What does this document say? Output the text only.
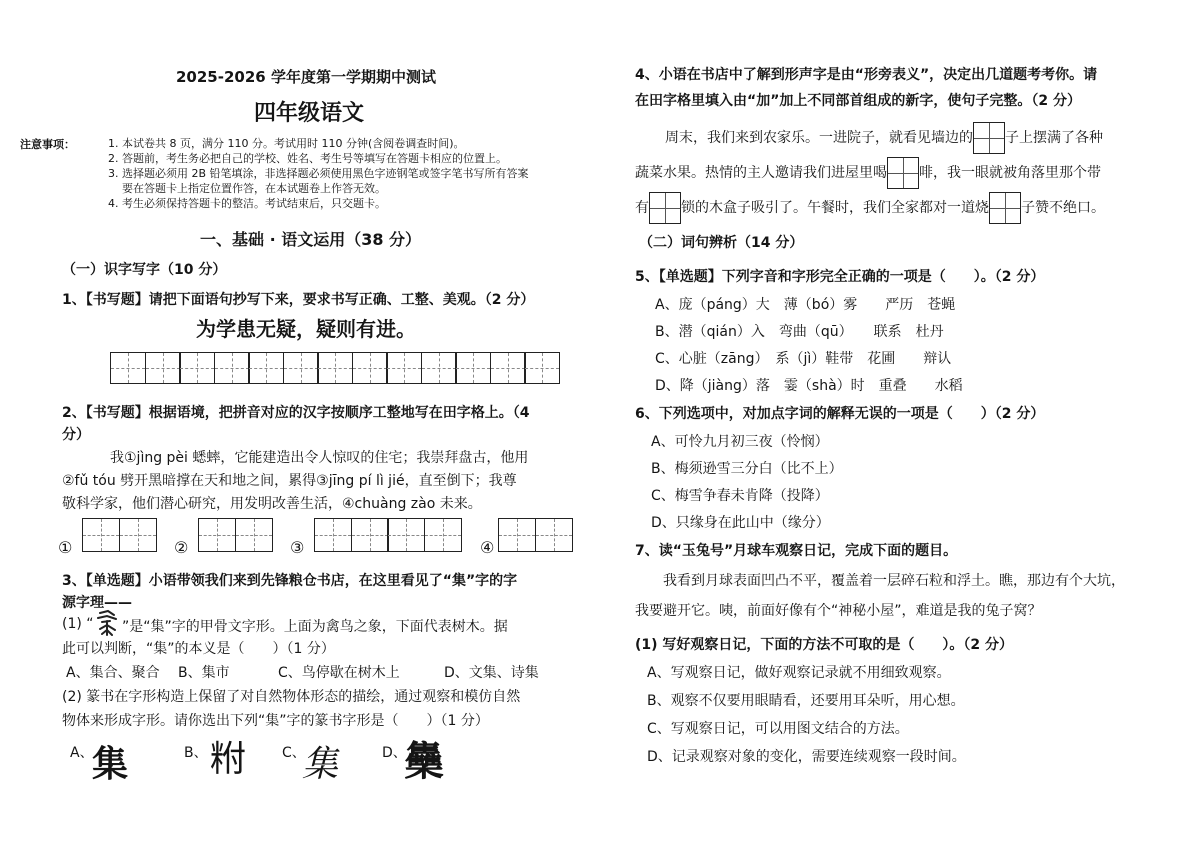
2025-2026 学年度第一学期期中测试
四年级语文
注意事项：	1. 本试卷共 8 页，满分 110 分。考试用时 110 分钟(含阅卷调查时间)。
2. 答题前，考生务必把自己的学校、姓名、考生号等填写在答题卡相应的位置上。
3. 选择题必须用 2B 铅笔填涂，非选择题必须使用黑色字迹钢笔或签字笔书写所有答案
要在答题卡上指定位置作答，在本试题卷上作答无效。
4. 考生必须保持答题卡的整洁。考试结束后，只交题卡。
一、基础 · 语文运用（38 分）
（一）识字写字（10 分）
1、【书写题】请把下面语句抄写下来，要求书写正确、工整、美观。（2 分）
为学患无疑，疑则有进。
2、【书写题】根据语境，把拼音对应的汉字按顺序工整地写在田字格上。（4
分）
我①jìng pèi 蟋蟀，它能建造出令人惊叹的住宅；我崇拜盘古，他用
②fǔ tóu 劈开黑暗撑在天和地之间，累得③jīng pí lì jié，直至倒下；我尊
敬科学家，他们潜心研究，用发明改善生活，④chuàng zào 未来。
①	②	③	④
3、【单选题】小语带领我们来到先锋粮仓书店，在这里看见了“集”字的字
源字理——
(1) “ ”是“集”字的甲骨文字形。上面为禽鸟之象，下面代表树木。据
此可以判断，“集”的本义是（　　）（1 分）
A、集合、聚合 B、集市	C、鸟停歇在树木上	D、文集、诗集
(2) 篆书在字形构造上保留了对自然物体形态的描绘，通过观察和模仿自然
物体来形成字形。请你选出下列“集”字的篆书字形是（　　）（1 分）
A、
集	B、 𥹃	C、
集	D、
雧
4、小语在书店中了解到形声字是由“形旁表义”，决定出几道题考考你。请
在田字格里填入由“加”加上不同部首组成的新字，使句子完整。（2 分）
周末，我们来到农家乐。一进院子，就看见墙边的 子上摆满了各种
蔬菜水果。热情的主人邀请我们进屋里喝 啡，我一眼就被角落里那个带
有 锁的木盒子吸引了。午餐时，我们全家都对一道烧 子赞不绝口。
（二）词句辨析（14 分）
5、【单选题】下列字音和字形完全正确的一项是（　　）。（2 分）
A、庞（páng）大　薄（bó）雾　　严历　苍蝇
B、潜（qián）入　弯曲（qū）　　联系　杜丹
C、心脏（zāng）　系（jì）鞋带　花圃　　辩认
D、降（jiàng）落　霎（shà）时　重叠　　水稻
6、下列选项中，对加点字词的解释无误的一项是（　　）（2 分）
A、可怜九月初三夜（怜悯）
B、梅须逊雪三分白（比不上）
C、梅雪争春未肯降（投降）
D、只缘身在此山中（缘分）
7、读“玉兔号”月球车观察日记，完成下面的题目。
我看到月球表面凹凸不平，覆盖着一层碎石粒和浮土。瞧，那边有个大坑，
我要避开它。咦，前面好像有个“神秘小屋”，难道是我的兔子窝？
(1) 写好观察日记，下面的方法不可取的是（　　）。（2 分）
A、写观察日记，做好观察记录就不用细致观察。
B、观察不仅要用眼睛看，还要用耳朵听，用心想。
C、写观察日记，可以用图文结合的方法。
D、记录观察对象的变化，需要连续观察一段时间。
